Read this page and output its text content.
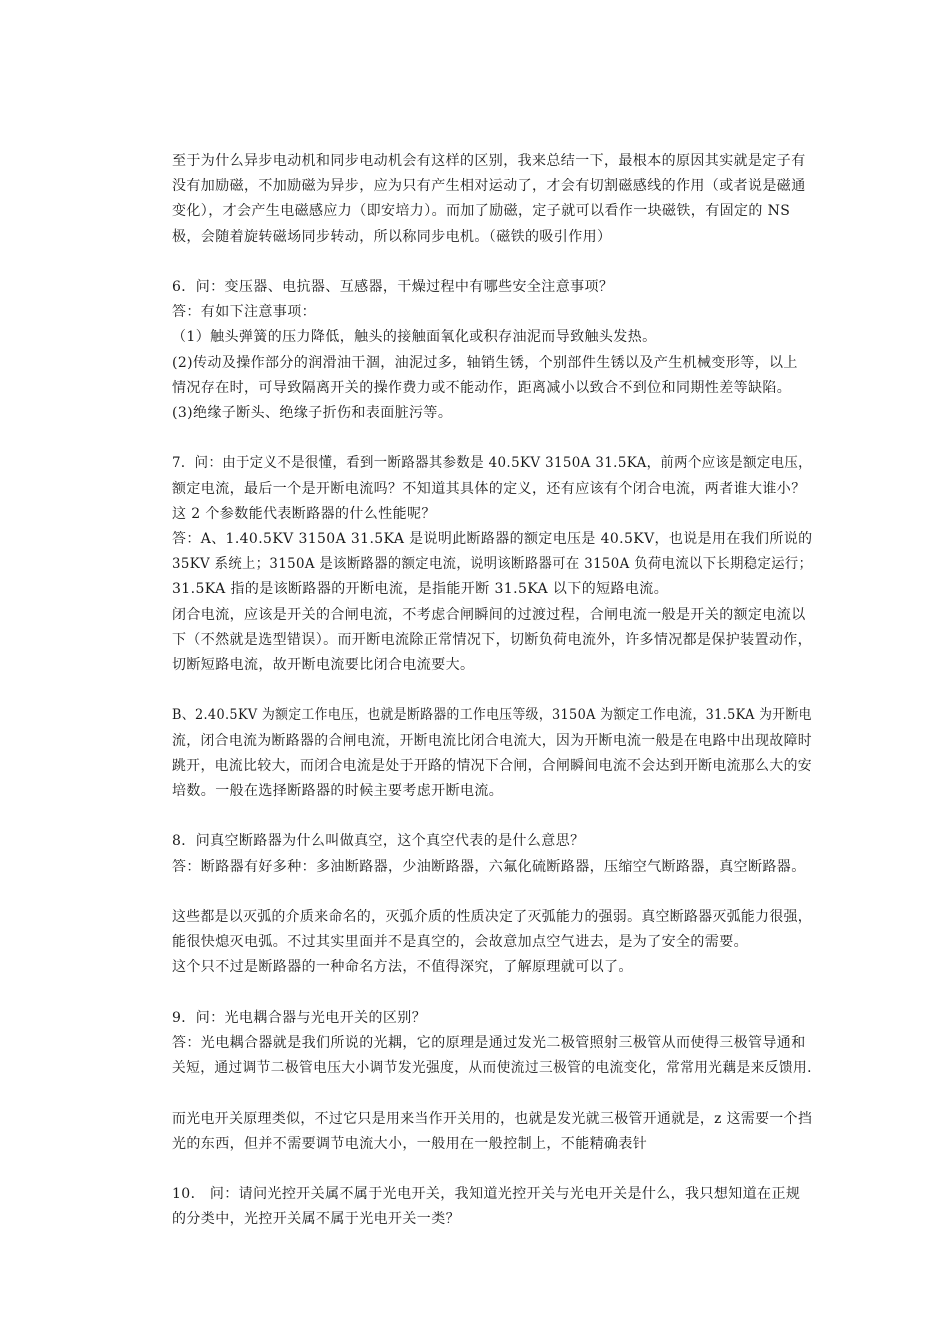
至于为什么异步电动机和同步电动机会有这样的区别，我来总结一下，最根本的原因其实就是定子有
没有加励磁，不加励磁为异步，应为只有产生相对运动了，才会有切割磁感线的作用（或者说是磁通
变化），才会产生电磁感应力（即安培力）。而加了励磁，定子就可以看作一块磁铁，有固定的 NS
极，会随着旋转磁场同步转动，所以称同步电机。（磁铁的吸引作用）
6．问：变压器、电抗器、互感器，干燥过程中有哪些安全注意事项？
答：有如下注意事项：
（1）触头弹簧的压力降低，触头的接触面氧化或积存油泥而导致触头发热。
(2)传动及操作部分的润滑油干涸，油泥过多，轴销生锈，个别部件生锈以及产生机械变形等，以上
情况存在时，可导致隔离开关的操作费力或不能动作，距离减小以致合不到位和同期性差等缺陷。
(3)绝缘子断头、绝缘子折伤和表面脏污等。
7．问：由于定义不是很懂，看到一断路器其参数是 40.5KV 3150A 31.5KA，前两个应该是额定电压，
额定电流，最后一个是开断电流吗？不知道其具体的定义，还有应该有个闭合电流，两者谁大谁小？
这 2 个参数能代表断路器的什么性能呢？
答：A、1.40.5KV 3150A 31.5KA 是说明此断路器的额定电压是 40.5KV，也说是用在我们所说的
35KV 系统上；3150A 是该断路器的额定电流，说明该断路器可在 3150A 负荷电流以下长期稳定运行；
31.5KA 指的是该断路器的开断电流，是指能开断 31.5KA 以下的短路电流。
闭合电流，应该是开关的合闸电流，不考虑合闸瞬间的过渡过程，合闸电流一般是开关的额定电流以
下（不然就是选型错误）。而开断电流除正常情况下，切断负荷电流外，许多情况都是保护装置动作，
切断短路电流，故开断电流要比闭合电流要大。
B、2.40.5KV 为额定工作电压，也就是断路器的工作电压等级，3150A 为额定工作电流，31.5KA 为开断电
流，闭合电流为断路器的合闸电流，开断电流比闭合电流大，因为开断电流一般是在电路中出现故障时
跳开，电流比较大，而闭合电流是处于开路的情况下合闸，合闸瞬间电流不会达到开断电流那么大的安
培数。一般在选择断路器的时候主要考虑开断电流。
8．问真空断路器为什么叫做真空，这个真空代表的是什么意思？
答：断路器有好多种：多油断路器，少油断路器，六氟化硫断路器，压缩空气断路器，真空断路器。
这些都是以灭弧的介质来命名的，灭弧介质的性质决定了灭弧能力的强弱。真空断路器灭弧能力很强，
能很快熄灭电弧。不过其实里面并不是真空的，会故意加点空气进去，是为了安全的需要。
这个只不过是断路器的一种命名方法，不值得深究，了解原理就可以了。
9．问：光电耦合器与光电开关的区别？
答：光电耦合器就是我们所说的光耦，它的原理是通过发光二极管照射三极管从而使得三极管导通和
关短，通过调节二极管电压大小调节发光强度，从而使流过三极管的电流变化，常常用光藕是来反馈用.
而光电开关原理类似，不过它只是用来当作开关用的，也就是发光就三极管开通就是，z 这需要一个挡
光的东西，但并不需要调节电流大小，一般用在一般控制上，不能精确表针
10． 问：请问光控开关属不属于光电开关，我知道光控开关与光电开关是什么，我只想知道在正规
的分类中，光控开关属不属于光电开关一类？
